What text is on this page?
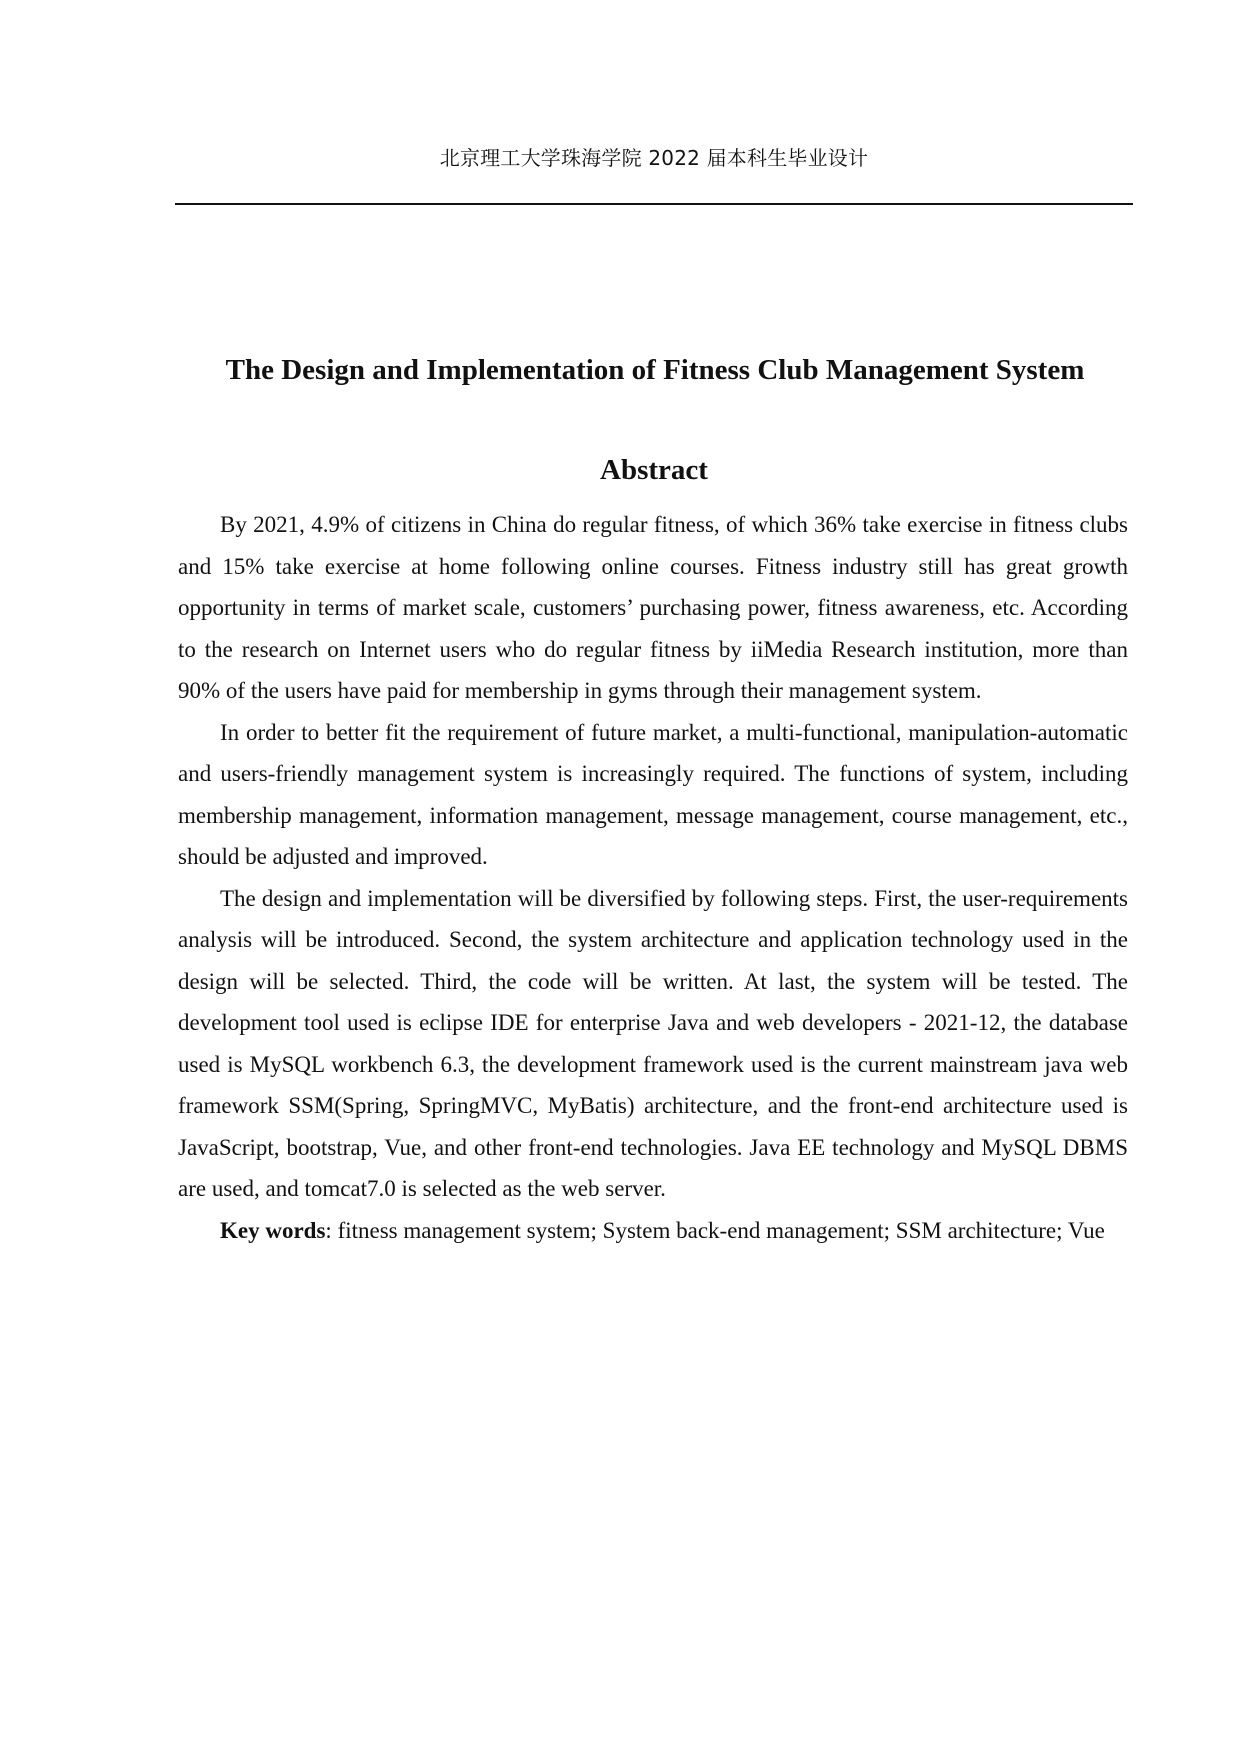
北京理工大学珠海学院 2022 届本科生毕业设计
The Design and Implementation of Fitness Club Management System
Abstract

By 2021, 4.9% of citizens in China do regular fitness, of which 36% take exercise in fitness clubs and 15% take exercise at home following online courses. Fitness industry still has great growth opportunity in terms of market scale, customers’ purchasing power, fitness awareness, etc. According to the research on Internet users who do regular fitness by iiMedia Research institution, more than 90% of the users have paid for membership in gyms through their management system.

In order to better fit the requirement of future market, a multi-functional, manipulation-automatic and users-friendly management system is increasingly required. The functions of system, including membership management, information management, message management, course management, etc., should be adjusted and improved.

The design and implementation will be diversified by following steps. First, the user-requirements analysis will be introduced. Second, the system architecture and application technology used in the design will be selected. Third, the code will be written. At last, the system will be tested. The development tool used is eclipse IDE for enterprise Java and web developers - 2021-12, the database used is MySQL workbench 6.3, the development framework used is the current mainstream java web framework SSM(Spring, SpringMVC, MyBatis) architecture, and the front-end architecture used is JavaScript, bootstrap, Vue, and other front-end technologies. Java EE technology and MySQL DBMS are used, and tomcat7.0 is selected as the web server.

Key words: fitness management system; System back-end management; SSM architecture; Vue
